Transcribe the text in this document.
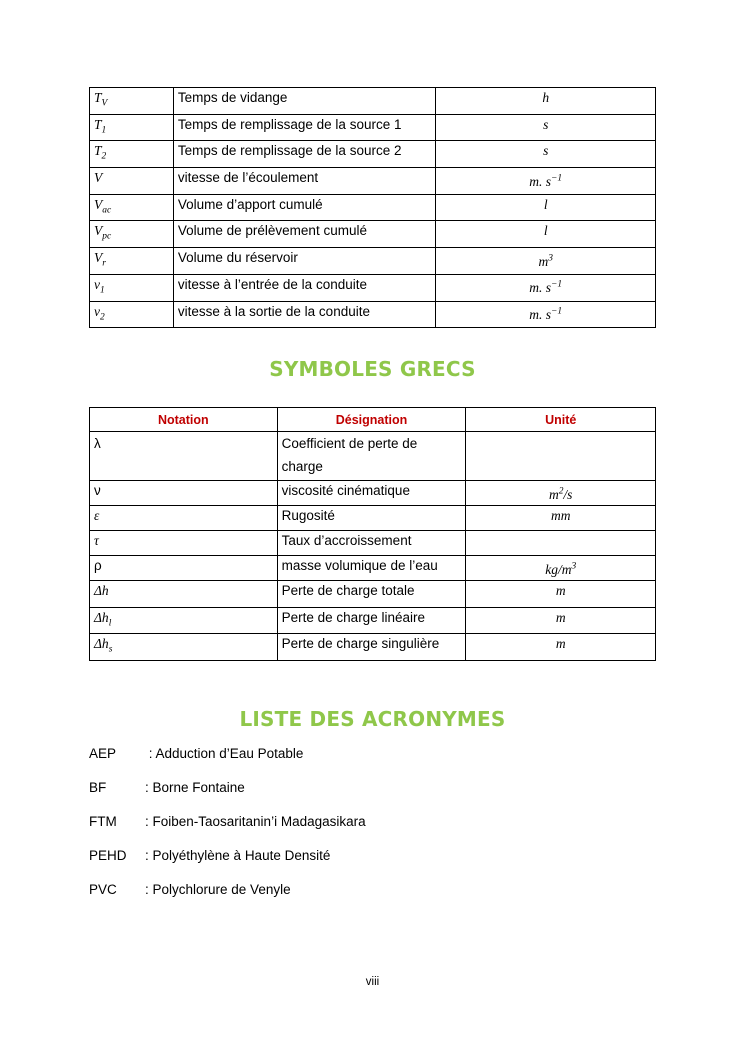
$T_V$	Temps de vidange	h
$T_1$	Temps de remplissage de la source 1	s
$T_2$	Temps de remplissage de la source 2	s
V	vitesse de l’écoulement	m. $s^{-1}$
$V_{ac}$	Volume d’apport cumulé	l
$V_{pc}$	Volume de prélèvement cumulé	l
$V_r$	Volume du réservoir	$m^3$
$v_1$	vitesse à l’entrée de la conduite	m. $s^{-1}$
$v_2$	vitesse à la sortie de la conduite	m. $s^{-1}$
SYMBOLES GRECS
Notation	Désignation	Unité
λ	Coefficient de perte de
charge	
ν	viscosité cinématique	$m^2/s$
ε	Rugosité	mm
τ	Taux d’accroissement	
ρ	masse volumique de l’eau	$kg/m^3$
Δh	Perte de charge totale	m
$\Delta h_l$	Perte de charge linéaire	m
$\Delta h_s$	Perte de charge singulière	m
LISTE DES ACRONYMES
AEP : Adduction d’Eau Potable
BF	: Borne Fontaine
FTM : Foiben-Taosaritanin’i Madagasikara
PEHD : Polyéthylène à Haute Densité
PVC : Polychlorure de Venyle
viii
